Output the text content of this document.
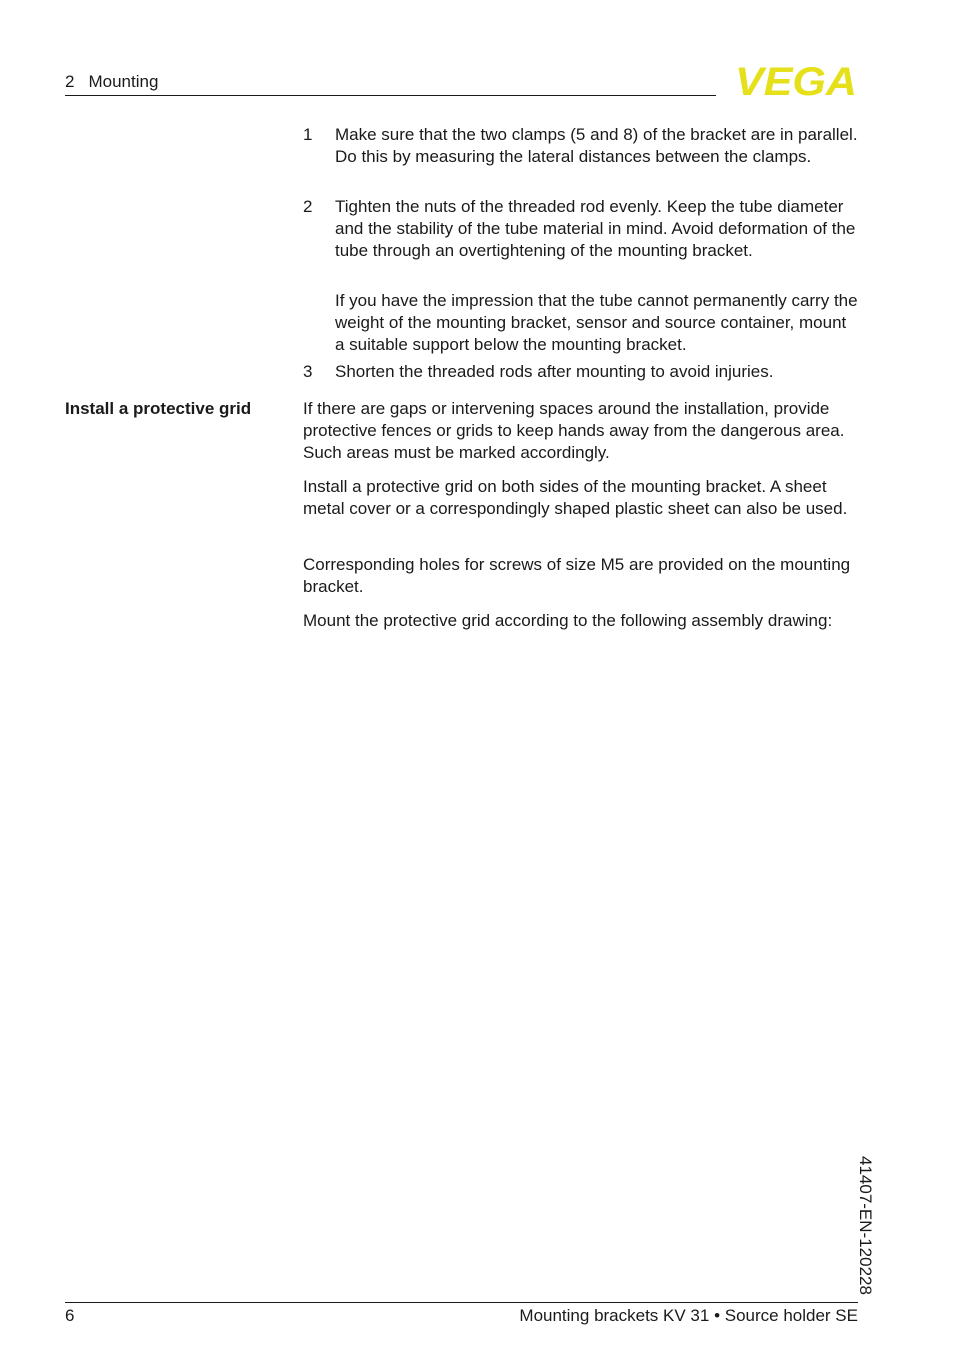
2 Mounting	VEGA
1 Make sure that the two clamps (5 and 8) of the bracket are in parallel. Do this by measuring the lateral distances between the clamps.
2 Tighten the nuts of the threaded rod evenly. Keep the tube diameter and the stability of the tube material in mind. Avoid deformation of the tube through an overtightening of the mounting bracket.
If you have the impression that the tube cannot permanently carry the weight of the mounting bracket, sensor and source container, mount a suitable support below the mounting bracket.
3 Shorten the threaded rods after mounting to avoid injuries.
Install a protective grid	If there are gaps or intervening spaces around the installation, provide protective fences or grids to keep hands away from the dangerous area. Such areas must be marked accordingly.
Install a protective grid on both sides of the mounting bracket. A sheet metal cover or a correspondingly shaped plastic sheet can also be used.
Corresponding holes for screws of size M5 are provided on the mounting bracket.
Mount the protective grid according to the following assembly drawing:
41407-EN-120228
6	Mounting brackets KV 31 • Source holder SE
